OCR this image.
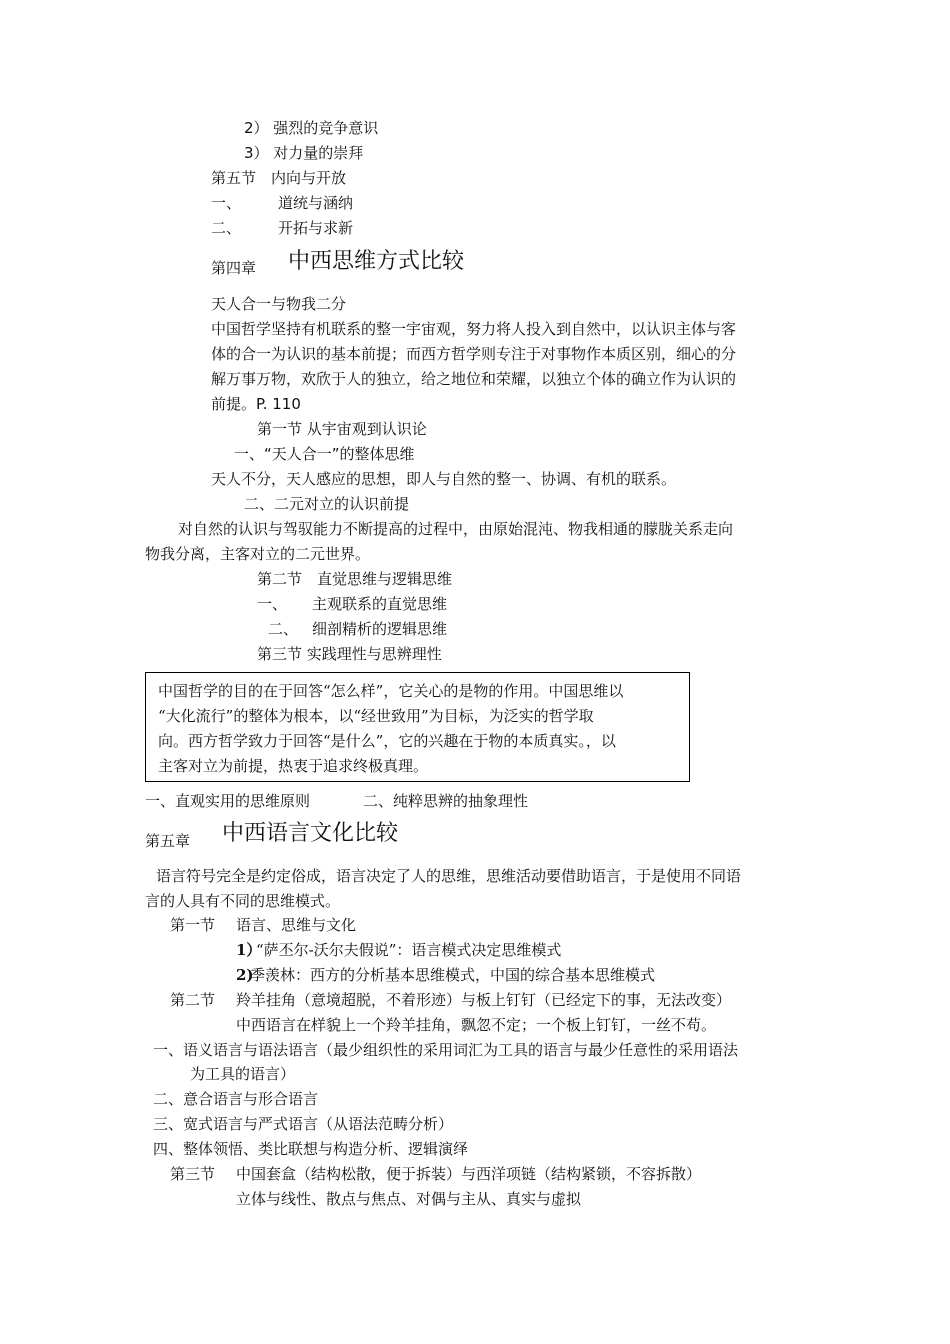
2） 强烈的竞争意识
3） 对力量的崇拜
第五节　内向与开放
一、 道统与涵纳
二、 开拓与求新
第四章 中西思维方式比较
天人合一与物我二分
中国哲学坚持有机联系的整一宇宙观，努力将人投入到自然中，以认识主体与客
体的合一为认识的基本前提；而西方哲学则专注于对事物作本质区别，细心的分
解万事万物，欢欣于人的独立，给之地位和荣耀，以独立个体的确立作为认识的
前提。P. 110
第一节 从宇宙观到认识论
一、“天人合一”的整体思维
天人不分，天人感应的思想，即人与自然的整一、协调、有机的联系。
二、二元对立的认识前提
对自然的认识与驾驭能力不断提高的过程中，由原始混沌、物我相通的朦胧关系走向
物我分离，主客对立的二元世界。
第二节　直觉思维与逻辑思维
一、 主观联系的直觉思维
二、 细剖精析的逻辑思维
第三节 实践理性与思辨理性
中国哲学的目的在于回答“怎么样”，它关心的是物的作用。中国思维以
“大化流行”的整体为根本，以“经世致用”为目标，为泛实的哲学取
向。西方哲学致力于回答“是什么”，它的兴趣在于物的本质真实。，以
主客对立为前提，热衷于追求终极真理。
一、直观实用的思维原则	二、纯粹思辨的抽象理性
第五章 中西语言文化比较
语言符号完全是约定俗成，语言决定了人的思维，思维活动要借助语言，于是使用不同语
言的人具有不同的思维模式。
第一节 语言、思维与文化
1）
“萨丕尔-沃尔夫假说”：语言模式决定思维模式
2)
季羡林：西方的分析基本思维模式，中国的综合基本思维模式
第二节 羚羊挂角（意境超脱，不着形迹）与板上钉钉（已经定下的事，无法改变）
中西语言在样貌上一个羚羊挂角，飘忽不定；一个板上钉钉，一丝不苟。
一、语义语言与语法语言（最少组织性的采用词汇为工具的语言与最少任意性的采用语法
为工具的语言）
二、意合语言与形合语言
三、宽式语言与严式语言（从语法范畴分析）
四、整体领悟、类比联想与构造分析、逻辑演绎
第三节 中国套盒（结构松散，便于拆装）与西洋项链（结构紧锁，不容拆散）
立体与线性、散点与焦点、对偶与主从、真实与虚拟
